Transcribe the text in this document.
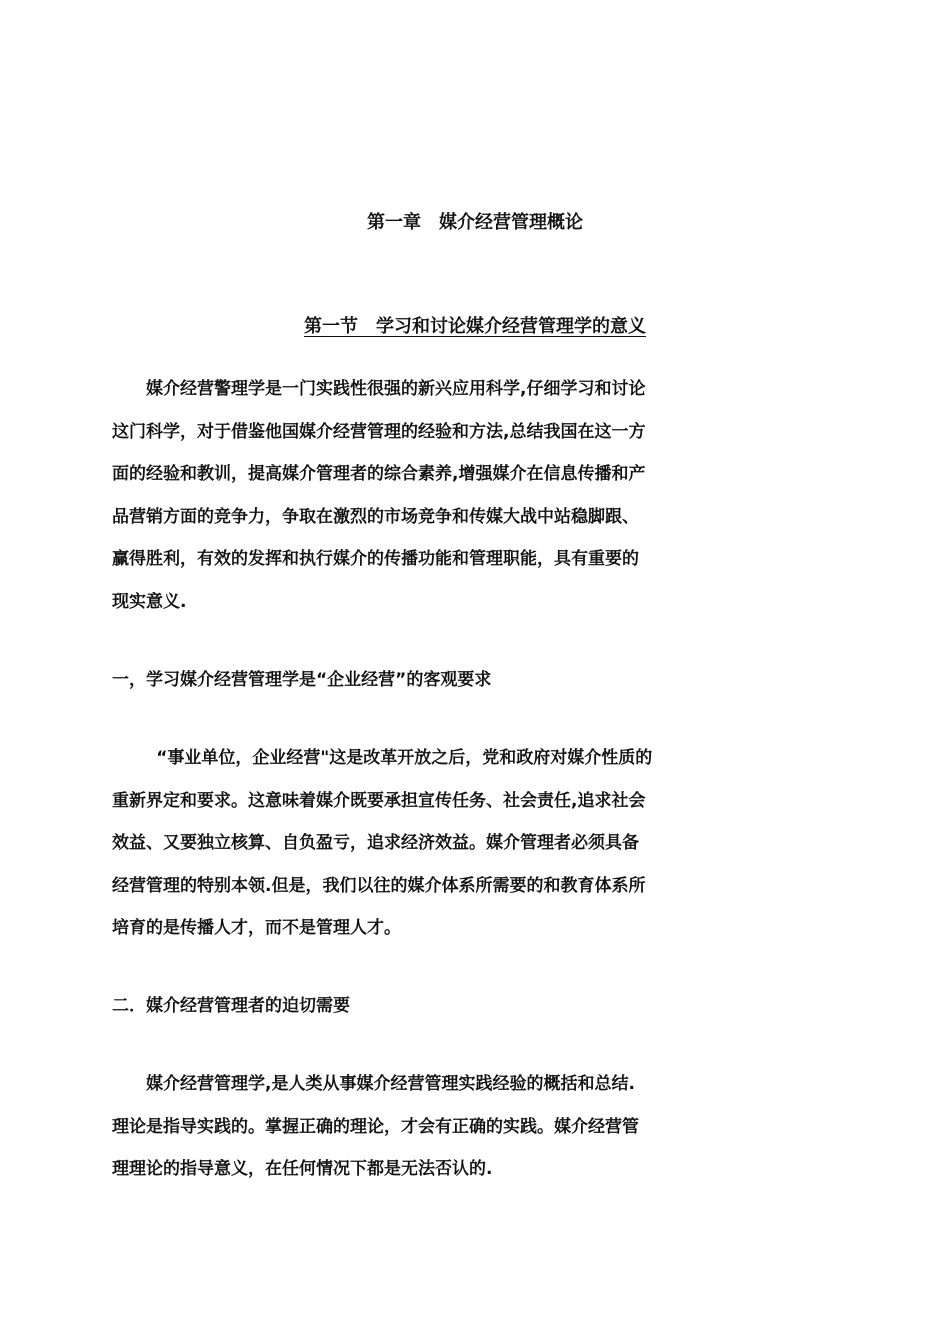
第一章　媒介经营管理概论
第一节　学习和讨论媒介经营管理学的意义

媒介经营警理学是一门实践性很强的新兴应用科学,仔细学习和讨论
这门科学，对于借鉴他国媒介经营管理的经验和方法,总结我国在这一方
面的经验和教训，提高媒介管理者的综合素养,增强媒介在信息传播和产
品营销方面的竞争力，争取在激烈的市场竞争和传媒大战中站稳脚跟、
赢得胜利，有效的发挥和执行媒介的传播功能和管理职能，具有重要的
现实意义.

一，学习媒介经营管理学是“企业经营”的客观要求

“事业单位，企业经营"这是改革开放之后，党和政府对媒介性质的
重新界定和要求。这意味着媒介既要承担宣传任务、社会责任,追求社会
效益、又要独立核算、自负盈亏，追求经济效益。媒介管理者必须具备
经营管理的特别本领.但是，我们以往的媒介体系所需要的和教育体系所
培育的是传播人才，而不是管理人才。

二．媒介经营管理者的迫切需要

媒介经营管理学,是人类从事媒介经营管理实践经验的概括和总结.
理论是指导实践的。掌握正确的理论，才会有正确的实践。媒介经营管
理理论的指导意义，在任何情况下都是无法否认的.
